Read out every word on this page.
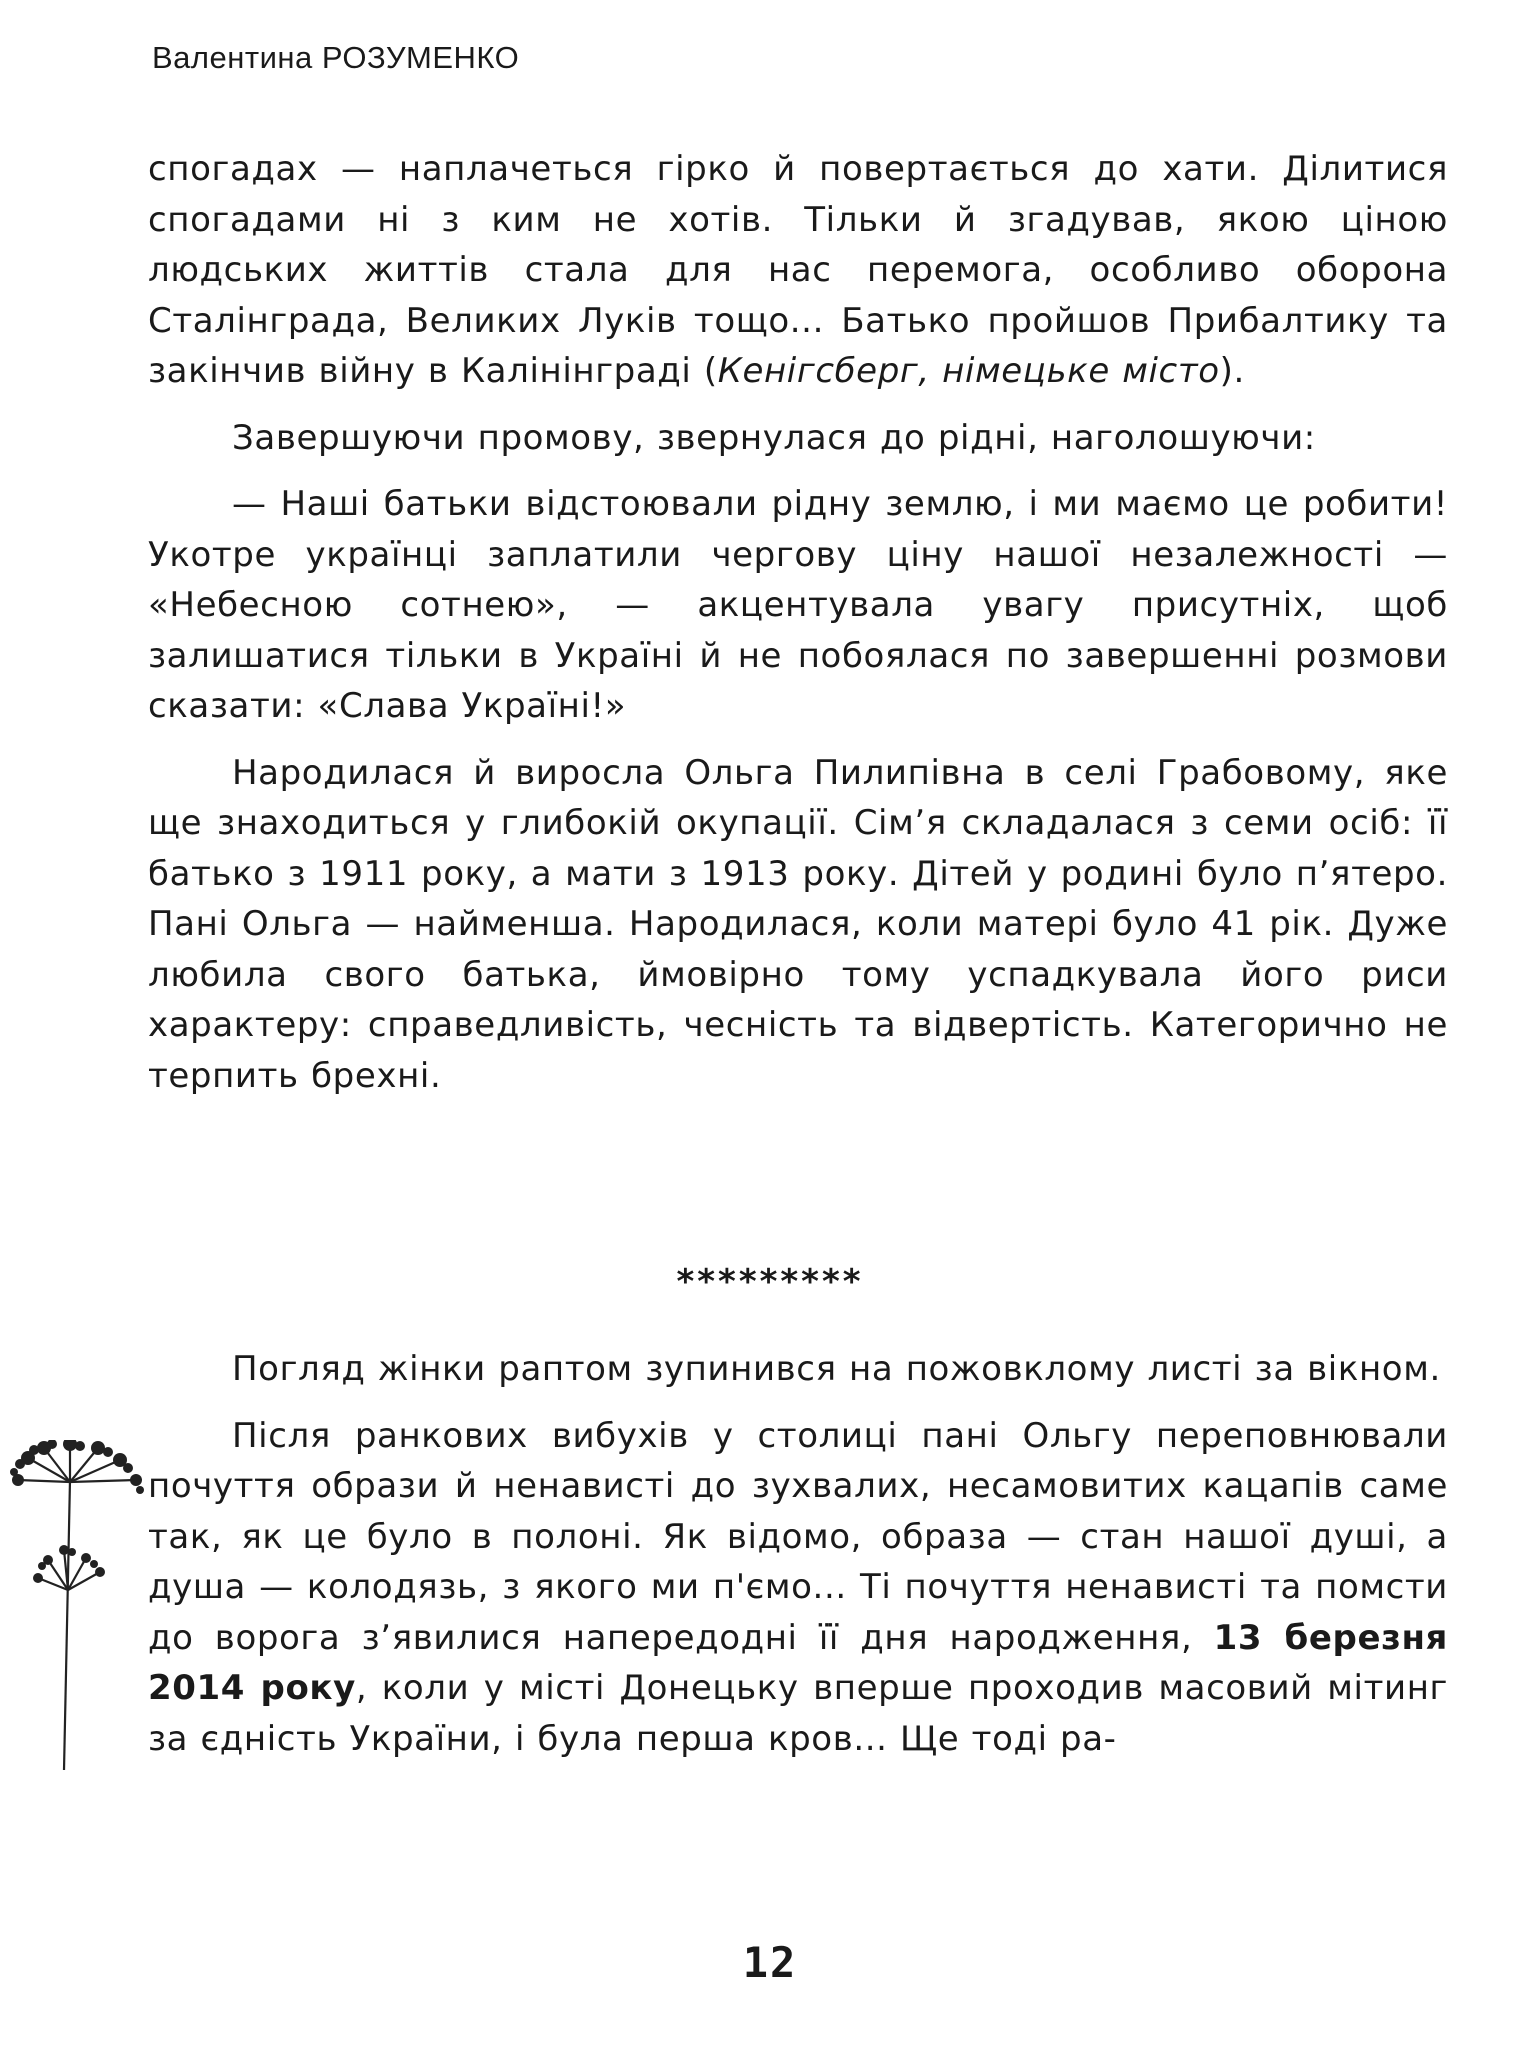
Валентина РОЗУМЕНКО

спогадах — наплачеться гірко й повертається до хати. Ділитися спогадами ні з ким не хотів. Тільки й згадував, якою ціною людських життів стала для нас перемога, особливо оборона Сталінграда, Великих Луків тощо... Батько пройшов Прибалтику та закінчив війну в Калінінграді (Кенігсберг, німецьке місто).

Завершуючи промову, звернулася до рідні, наголошуючи:

— Наші батьки відстоювали рідну землю, і ми маємо це робити! Укотре українці заплатили чергову ціну нашої незалежності — «Небесною сотнею», — акцентувала увагу присутніх, щоб залишатися тільки в Україні й не побоялася по завершенні розмови сказати: «Слава Україні!»

Народилася й виросла Ольга Пилипівна в селі Грабовому, яке ще знаходиться у глибокій окупації. Сім’я складалася з семи осіб: її батько з 1911 року, а мати з 1913 року. Дітей у родині було п’ятеро. Пані Ольга — найменша. Народилася, коли матері було 41 рік. Дуже любила свого батька, ймовірно тому успадкувала його риси характеру: справедливість, чесність та відвертість. Категорично не терпить брехні.

*********

Погляд жінки раптом зупинився на пожовклому листі за вікном.

Після ранкових вибухів у столиці пані Ольгу переповнювали почуття образи й ненависті до зухвалих, несамовитих кацапів саме так, як це було в полоні. Як відомо, образа — стан нашої душі, а душа — колодязь, з якого ми п'ємо... Ті почуття ненависті та помсти до ворога з’явилися напередодні її дня народження, 13 березня 2014 року, коли у місті Донецьку вперше проходив масовий мітинг за єдність України, і була перша кров... Ще тоді ра-

12
